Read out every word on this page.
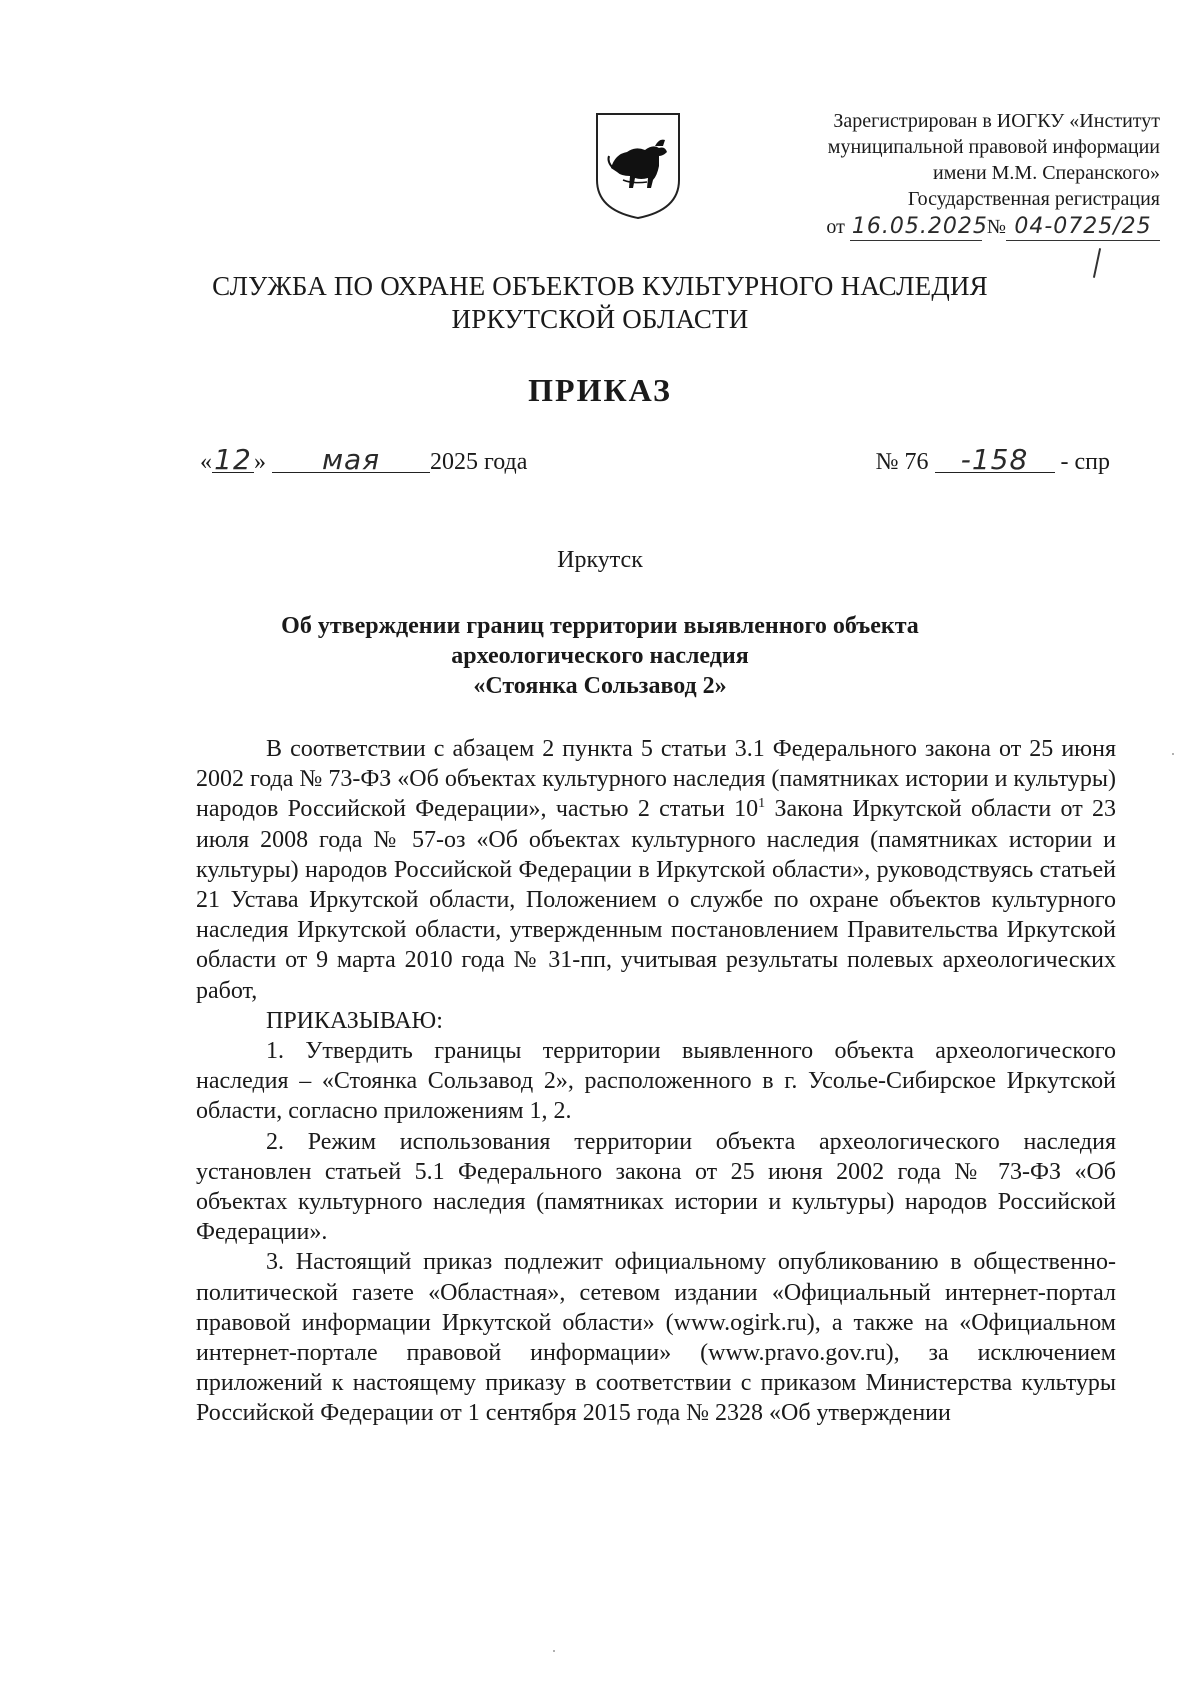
Зарегистрирован в ИОГКУ «Институт
муниципальной правовой информации
имени М.М. Сперанского»
Государственная регистрация
от 16.05.2025 № 04-0725/25
СЛУЖБА ПО ОХРАНЕ ОБЪЕКТОВ КУЛЬТУРНОГО НАСЛЕДИЯ
ИРКУТСКОЙ ОБЛАСТИ
ПРИКАЗ
«12» мая 2025 года	№ 76 -158 - спр
Иркутск
Об утверждении границ территории выявленного объекта
археологического наследия
«Стоянка Сользавод 2»

В соответствии с абзацем 2 пункта 5 статьи 3.1 Федерального закона от 25 июня 2002 года № 73-ФЗ «Об объектах культурного наследия (памятниках истории и культуры) народов Российской Федерации», частью 2 статьи $10^1$ Закона Иркутской области от 23 июля 2008 года № 57-оз «Об объектах культурного наследия (памятниках истории и культуры) народов Российской Федерации в Иркутской области», руководствуясь статьей 21 Устава Иркутской области, Положением о службе по охране объектов культурного наследия Иркутской области, утвержденным постановлением Правительства Иркутской области от 9 марта 2010 года № 31-пп, учитывая результаты полевых археологических работ,

ПРИКАЗЫВАЮ:

1. Утвердить границы территории выявленного объекта археологического наследия – «Стоянка Сользавод 2», расположенного в г. Усолье-Сибирское Иркутской области, согласно приложениям 1, 2.

2. Режим использования территории объекта археологического наследия установлен статьей 5.1 Федерального закона от 25 июня 2002 года № 73-ФЗ «Об объектах культурного наследия (памятниках истории и культуры) народов Российской Федерации».

3. Настоящий приказ подлежит официальному опубликованию в общественно-политической газете «Областная», сетевом издании «Официальный интернет-портал правовой информации Иркутской области» (www.ogirk.ru), а также на «Официальном интернет-портале правовой информации» (www.pravo.gov.ru), за исключением приложений к настоящему приказу в соответствии с приказом Министерства культуры Российской Федерации от 1 сентября 2015 года № 2328 «Об утверждении
